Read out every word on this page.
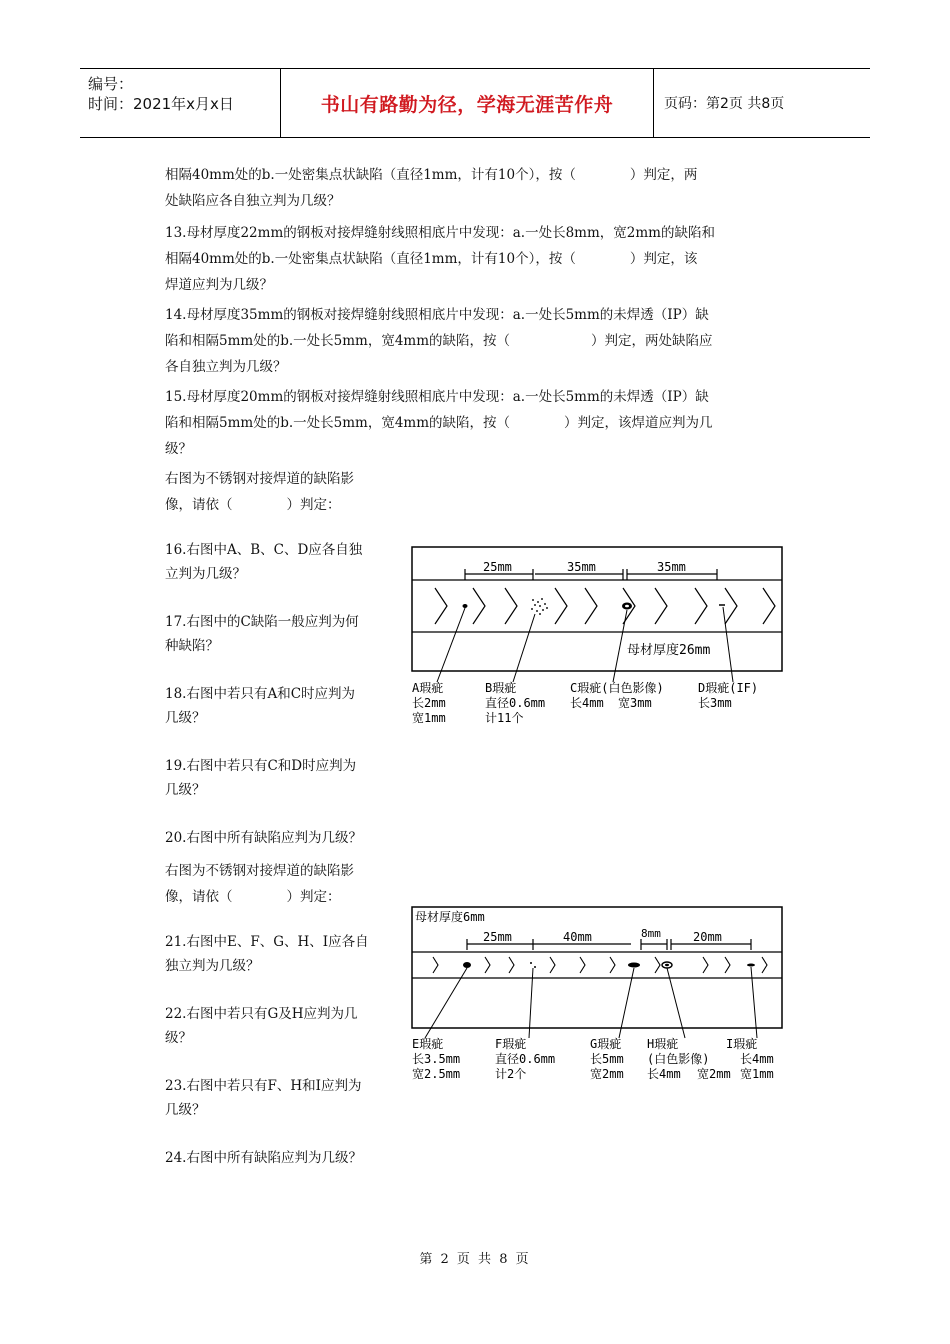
编号：
时间：2021年x月x日	书山有路勤为径，学海无涯苦作舟	页码：第2页 共8页
相隔40mm处的b.一处密集点状缺陷（直径1mm，计有10个），按（　　　　）判定，两
处缺陷应各自独立判为几级？
13.母材厚度22mm的钢板对接焊缝射线照相底片中发现：a.一处长8mm，宽2mm的缺陷和
相隔40mm处的b.一处密集点状缺陷（直径1mm，计有10个），按（　　　　）判定，该
焊道应判为几级？
14.母材厚度35mm的钢板对接焊缝射线照相底片中发现：a.一处长5mm的未焊透（IP）缺
陷和相隔5mm处的b.一处长5mm，宽4mm的缺陷，按（　　　　　　）判定，两处缺陷应
各自独立判为几级？
15.母材厚度20mm的钢板对接焊缝射线照相底片中发现：a.一处长5mm的未焊透（IP）缺
陷和相隔5mm处的b.一处长5mm，宽4mm的缺陷，按（　　　　）判定，该焊道应判为几
级？
右图为不锈钢对接焊道的缺陷影
像，请依（　　　　）判定：
16.右图中A、B、C、D应各自独
立判为几级？
17.右图中的C缺陷一般应判为何
种缺陷？
18.右图中若只有A和C时应判为
几级？
19.右图中若只有C和D时应判为
几级？
20.右图中所有缺陷应判为几级？
右图为不锈钢对接焊道的缺陷影
像，请依（　　　　）判定：
21.右图中E、F、G、H、I应各自
独立判为几级？
22.右图中若只有G及H应判为几
级？
23.右图中若只有F、H和I应判为
几级？
24.右图中所有缺陷应判为几级？
25mm	35mm	35mm
母材厚度26mm
A瑕疵
长2mm
宽1mm
B瑕疵
直径0.6mm
计11个
C瑕疵(白色影像)
长4mm 宽3mm
D瑕疵(IF)
长3mm
母材厚度6mm
25mm	40mm	8mm	20mm
E瑕疵
长3.5mm
宽2.5mm
F瑕疵
直径0.6mm
计2个
G瑕疵
长5mm
宽2mm
H瑕疵
(白色影像)
长4mm 宽2mm
I瑕疵
长4mm
宽1mm
第 2 页 共 8 页
